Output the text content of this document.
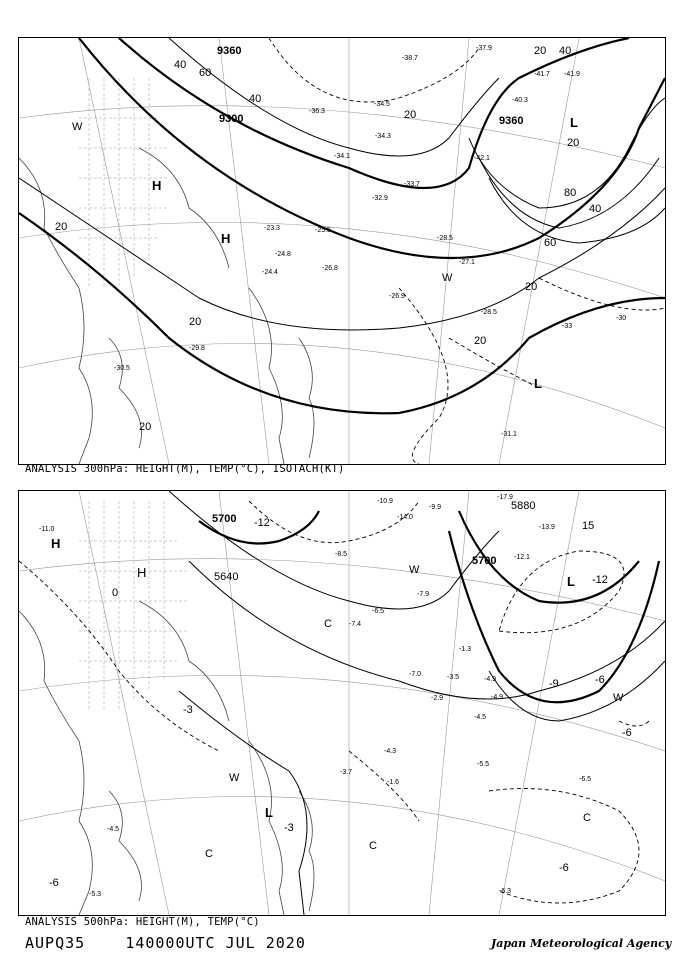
9360
9300	9360
40
60
40
20
40
20
80
60
40
20
20
20
20
20
20
H
H
L
L
W
W
-38.7
-37.9
-41.9
-41.7
-36.3
-34.5
-34.1
-34.3
-33.7
-32.9
-28.5
-27.1
-26.9
-26.8
-25.5
-24.4
-24.8
-23.3
-30.5
-29.8
-31.1
-33
-30
-28.5
-42.1
-40.3
ANALYSIS 300hPa: HEIGHT(M), TEMP(°C), ISOTACH(KT)
5700
5700
5640
5880
-12	15
-12
-9	-6
-3
0
-3
-6
-6
-6
H
H
L
L
W
W
C
C
C
C
W
-10.9
-9.9
-17.9
-14.0
-13.9
-12.1
-7.9
-6.5
-8.5
-11.0
-7.4
-4.9
-4.5
-5.5
-6.5
-6.3
-3.7
-4.3
-1.6
-2.9
-3.5
-1.3
-7.0
-4.5
-5.3
-4.9
ANALYSIS 500hPa: HEIGHT(M), TEMP(°C)
AUPQ35	140000UTC JUL 2020	Japan Meteorological Agency
